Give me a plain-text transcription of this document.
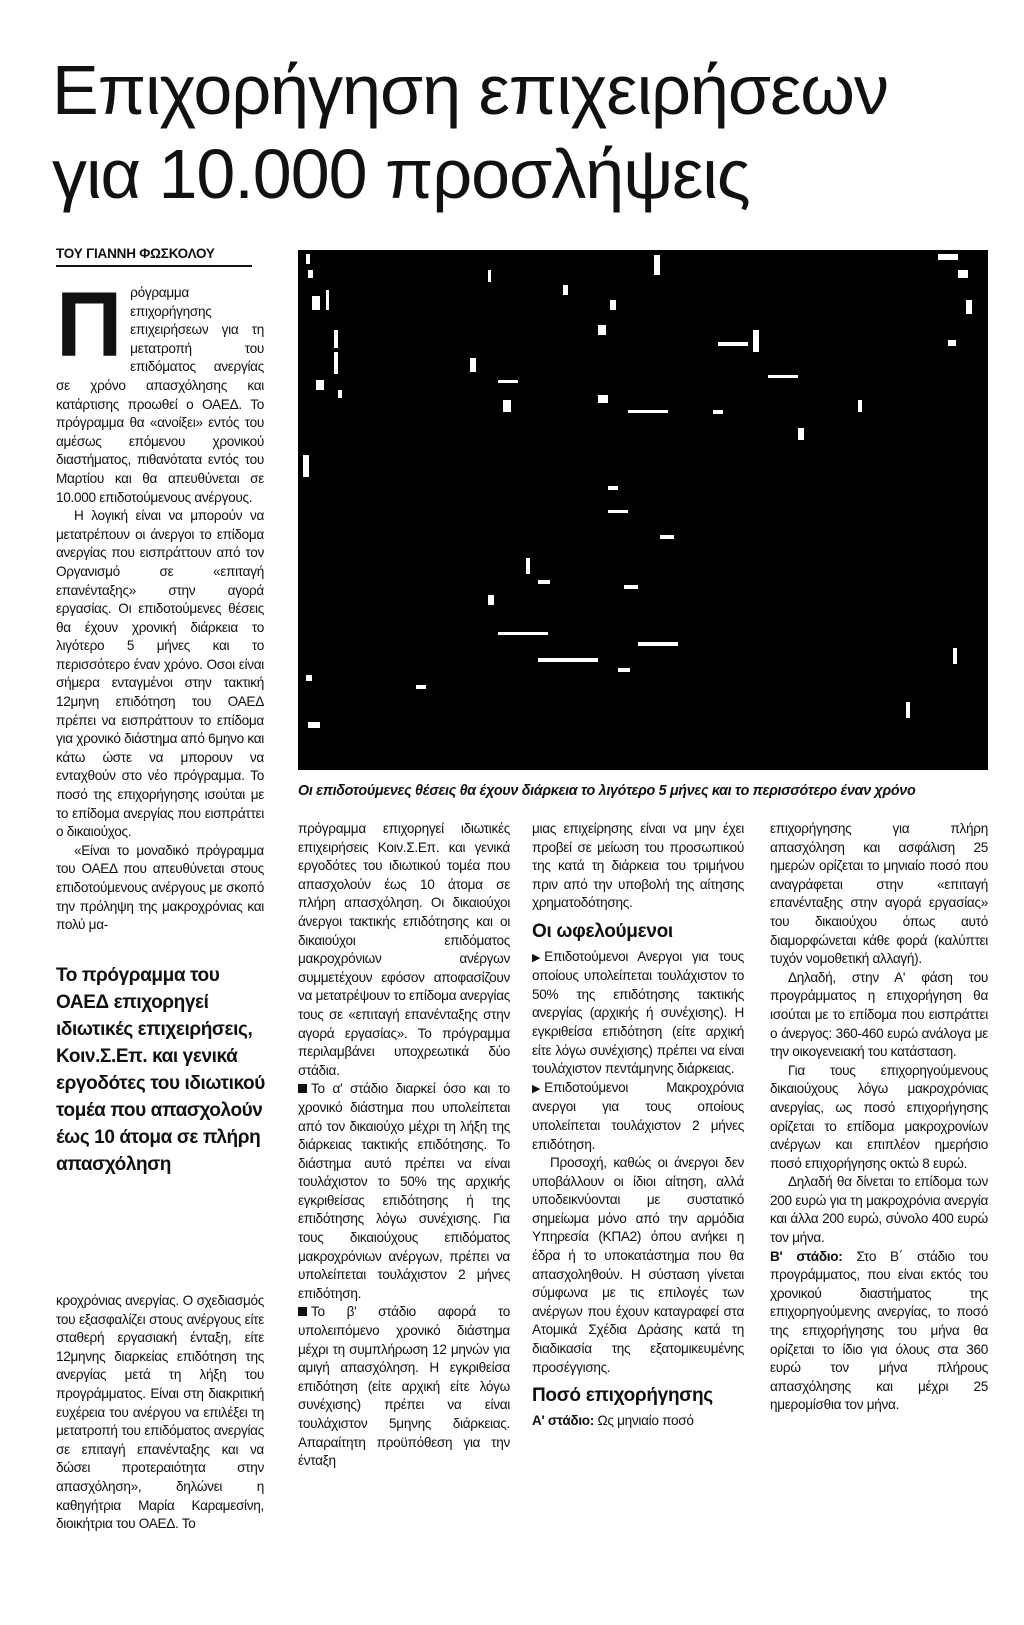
Επιχορήγηση επιχειρήσεων
για 10.000 προσλήψεις
ΤΟΥ ΓΙΑΝΝΗ ΦΩΣΚΟΛΟΥ
Π ρόγραμμα επιχορήγησης επιχειρήσεων για τη μετατροπή του επιδόματος ανεργίας σε χρόνο απασχόλησης και κατάρτισης προωθεί ο ΟΑΕΔ. Το πρόγραμμα θα «ανοίξει» εντός του αμέσως επόμενου χρονικού διαστήματος, πιθανότατα εντός του Μαρτίου και θα απευθύνεται σε 10.000 επιδοτούμενους ανέργους.

Η λογική είναι να μπορούν να μετατρέπουν οι άνεργοι το επίδομα ανεργίας που εισπράττουν από τον Οργανισμό σε «επιταγή επανένταξης» στην αγορά εργασίας. Οι επιδοτούμενες θέσεις θα έχουν χρονική διάρκεια το λιγότερο 5 μήνες και το περισσότερο έναν χρόνο. Οσοι είναι σήμερα ενταγμένοι στην τακτική 12μηνη επιδότηση του ΟΑΕΔ πρέπει να εισπράττουν το επίδομα για χρονικό διάστημα από 6μηνο και κάτω ώστε να μπορουν να ενταχθούν στο νέο πρόγραμμα. Το ποσό της επιχορήγησης ισούται με το επίδομα ανεργίας που εισπράττει ο δικαιούχος.

«Είναι το μοναδικό πρόγραμμα του ΟΑΕΔ που απευθύνεται στους επιδοτούμενους ανέργους με σκοπό την πρόληψη της μακροχρόνιας και πολύ μα-

Το πρόγραμμα του ΟΑΕΔ επιχορηγεί ιδιωτικές επιχειρήσεις, Κοιν.Σ.Επ. και γενικά εργοδότες του ιδιωτικού τομέα που απασχολούν έως 10 άτομα σε πλήρη απασχόληση

κροχρόνιας ανεργίας. Ο σχεδιασμός του εξασφαλίζει στους ανέργους είτε σταθερή εργασιακή ένταξη, είτε 12μηνης διαρκείας επιδότηση της ανεργίας μετά τη λήξη του προγράμματος. Είναι στη διακριτική ευχέρεια του ανέργου να επιλέξει τη μετατροπή του επιδόματος ανεργίας σε επιταγή επανένταξης και να δώσει προτεραιότητα στην απασχόληση», δηλώνει η καθηγήτρια Μαρία Καραμεσίνη, διοικήτρια του ΟΑΕΔ. Το

Οι επιδοτούμενες θέσεις θα έχουν διάρκεια το λιγότερο 5 μήνες και το περισσότερο έναν χρόνο

πρόγραμμα επιχορηγεί ιδιωτικές επιχειρήσεις Κοιν.Σ.Επ. και γενικά εργοδότες του ιδιωτικού τομέα που απασχολούν έως 10 άτομα σε πλήρη απασχόληση. Οι δικαιούχοι άνεργοι τακτικής επιδότησης και οι δικαιούχοι επιδόματος μακροχρόνιων ανέργων συμμετέχουν εφόσον αποφασίζουν να μετατρέψουν το επίδομα ανεργίας τους σε «επιταγή επανένταξης στην αγορά εργασίας». Το πρόγραμμα περιλαμβάνει υποχρεωτικά δύο στάδια.

Το α' στάδιο διαρκεί όσο και το χρονικό διάστημα που υπολείπεται από τον δικαιούχο μέχρι τη λήξη της διάρκειας τακτικής επιδότησης. Το διάστημα αυτό πρέπει να είναι τουλάχιστον το 50% της αρχικής εγκριθείσας επιδότησης ή της επιδότησης λόγω συνέχισης. Για τους δικαιούχους επιδόματος μακροχρόνιων ανέργων, πρέπει να υπολείπεται τουλάχιστον 2 μήνες επιδότηση.

Το β' στάδιο αφορά το υπολειπόμενο χρονικό διάστημα μέχρι τη συμπλήρωση 12 μηνών για αμιγή απασχόληση. Η εγκριθείσα επιδότηση (είτε αρχική είτε λόγω συνέχισης) πρέπει να είναι τουλάχιστον 5μηνης διάρκειας. Απαραίτητη προϋπόθεση για την ένταξη

μιας επιχείρησης είναι να μην έχει προβεί σε μείωση του προσωπικού της κατά τη διάρκεια του τριμήνου πριν από την υποβολή της αίτησης χρηματοδότησης.

Οι ωφελούμενοι

▶ Επιδοτούμενοι Ανεργοι για τους οποίους υπολείπεται τουλάχιστον το 50% της επιδότησης τακτικής ανεργίας (αρχικής ή συνέχισης). Η εγκριθείσα επιδότηση (είτε αρχική είτε λόγω συνέχισης) πρέπει να είναι τουλάχιστον πεντάμηνης διάρκειας.

▶ Επιδοτούμενοι Μακροχρόνια ανεργοι για τους οποίους υπολείπεται τουλάχιστον 2 μήνες επιδότηση.

Προσοχή, καθώς οι άνεργοι δεν υποβάλλουν οι ίδιοι αίτηση, αλλά υποδεικνύονται με συστατικό σημείωμα μόνο από την αρμόδια Υπηρεσία (ΚΠΑ2) όπου ανήκει η έδρα ή το υποκατάστημα που θα απασχοληθούν. Η σύσταση γίνεται σύμφωνα με τις επιλογές των ανέργων που έχουν καταγραφεί στα Ατομικά Σχέδια Δράσης κατά τη διαδικασία της εξατομικευμένης προσέγγισης.

Ποσό επιχορήγησης

Α' στάδιο: Ως μηνιαίο ποσό

επιχορήγησης για πλήρη απασχόληση και ασφάλιση 25 ημερών ορίζεται το μηνιαίο ποσό που αναγράφεται στην «επιταγή επανένταξης στην αγορά εργασίας» του δικαιούχου όπως αυτό διαμορφώνεται κάθε φορά (καλύπτει τυχόν νομοθετική αλλαγή).

Δηλαδή, στην Α' φάση του προγράμματος η επιχορήγηση θα ισούται με το επίδομα που εισπράττει ο άνεργος: 360-460 ευρώ ανάλογα με την οικογενειακή του κατάσταση.

Για τους επιχορηγούμενους δικαιούχους λόγω μακροχρόνιας ανεργίας, ως ποσό επιχορήγησης ορίζεται το επίδομα μακροχρονίων ανέργων και επιπλέον ημερήσιο ποσό επιχορήγησης οκτώ 8 ευρώ.

Δηλαδή θα δίνεται το επίδομα των 200 ευρώ για τη μακροχρόνια ανεργία και άλλα 200 ευρώ, σύνολο 400 ευρώ τον μήνα.

Β' στάδιο: Στο Β΄ στάδιο του προγράμματος, που είναι εκτός του χρονικού διαστήματος της επιχορηγούμενης ανεργίας, το ποσό της επιχορήγησης του μήνα θα ορίζεται το ίδιο για όλους στα 360 ευρώ τον μήνα πλήρους απασχόλησης και μέχρι 25 ημερομίσθια τον μήνα.
